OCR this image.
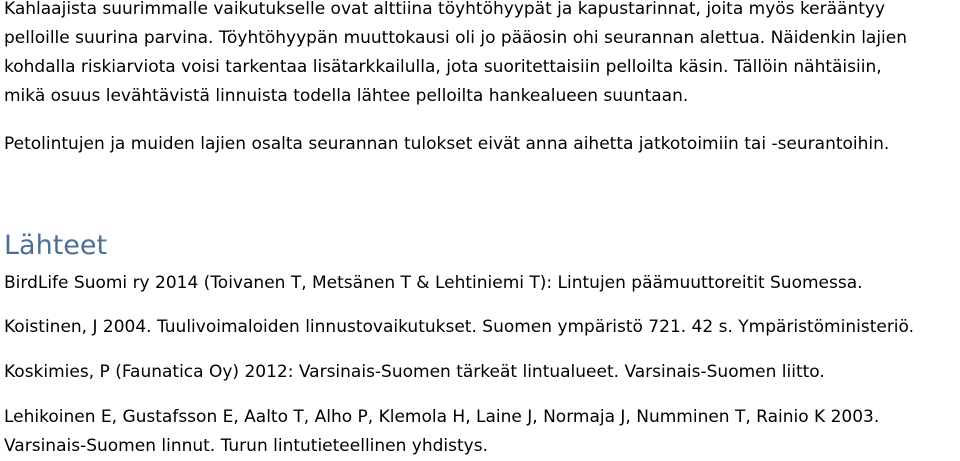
Kahlaajista suurimmalle vaikutukselle ovat alttiina töyhtöhyypät ja kapustarinnat, joita myös kerääntyy
pelloille suurina parvina. Töyhtöhyypän muuttokausi oli jo pääosin ohi seurannan alettua. Näidenkin lajien
kohdalla riskiarviota voisi tarkentaa lisätarkkailulla, jota suoritettaisiin pelloilta käsin. Tällöin nähtäisiin,
mikä osuus levähtävistä linnuista todella lähtee pelloilta hankealueen suuntaan.

Petolintujen ja muiden lajien osalta seurannan tulokset eivät anna aihetta jatkotoimiin tai -seurantoihin.

Lähteet

BirdLife Suomi ry 2014 (Toivanen T, Metsänen T & Lehtiniemi T): Lintujen päämuuttoreitit Suomessa.

Koistinen, J 2004. Tuulivoimaloiden linnustovaikutukset. Suomen ympäristö 721. 42 s. Ympäristöministeriö.

Koskimies, P (Faunatica Oy) 2012: Varsinais-Suomen tärkeät lintualueet. Varsinais-Suomen liitto.

Lehikoinen E, Gustafsson E, Aalto T, Alho P, Klemola H, Laine J, Normaja J, Numminen T, Rainio K 2003.
Varsinais-Suomen linnut. Turun lintutieteellinen yhdistys.
